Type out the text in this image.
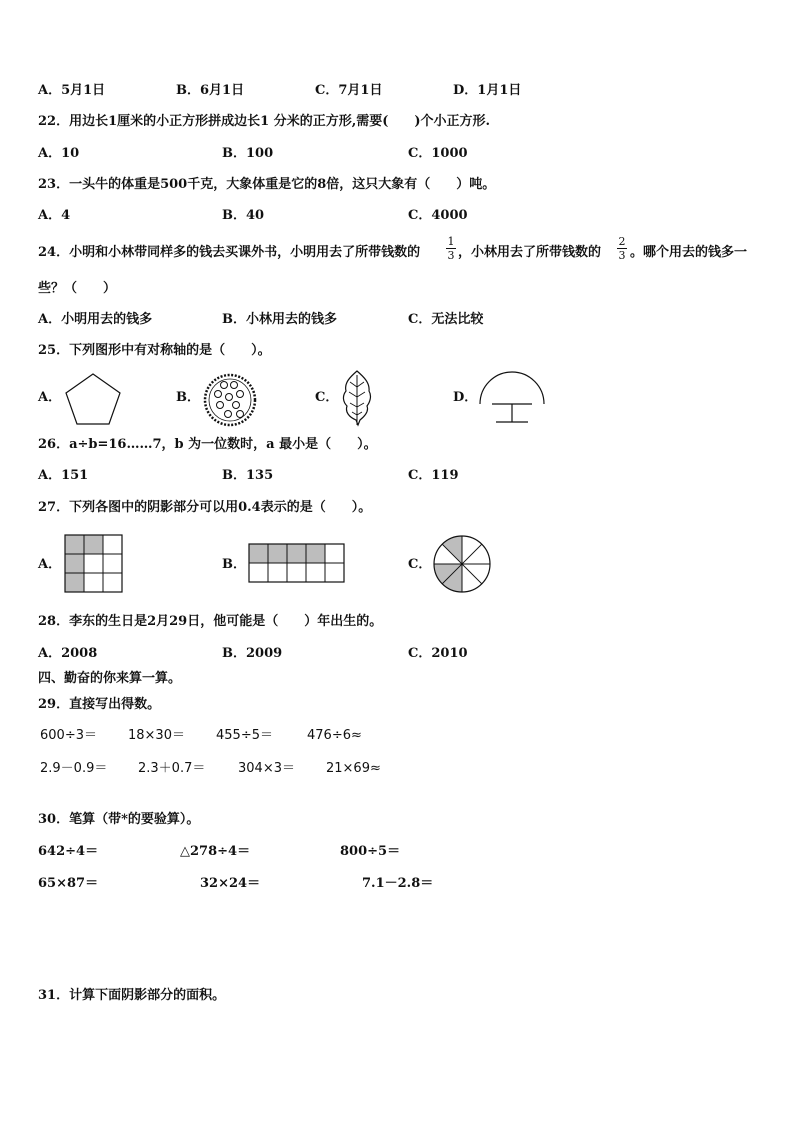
A．5月1日	B．6月1日	C．7月1日	D．1月1日
22．用边长1厘米的小正方形拼成边长1 分米的正方形,需要(　　)个小正方形.
A．10	B．100	C．1000
23．一头牛的体重是500千克，大象体重是它的8倍，这只大象有（　　）吨。
A．4	B．40	C．4000
24．小明和小林带同样多的钱去买课外书，小明用去了所带钱数的
1
3 ，小林用去了所带钱数的
2
3 。哪个用去的钱多一
些？（　　）
A．小明用去的钱多	B．小林用去的钱多	C．无法比较
25．下列图形中有对称轴的是（　　）。
A．	B．	C．	D．
26．a÷b=16……7，b 为一位数时，a 最小是（　　）。
A．151	B．135	C．119
27．下列各图中的阴影部分可以用0.4表示的是（　　）。
A．	B．	C．
28．李东的生日是2月29日，他可能是（　　）年出生的。
A．2008	B．2009	C．2010
四、勤奋的你来算一算。
29．直接写出得数。
600÷3＝ 18×30＝ 455÷5＝	476÷6≈
2.9－0.9＝ 2.3＋0.7＝	304×3＝ 21×69≈
30．笔算（带*的要验算）。
642÷4＝	△278÷4＝	800÷5＝
65×87＝	32×24＝	7.1－2.8＝
31．计算下面阴影部分的面积。
